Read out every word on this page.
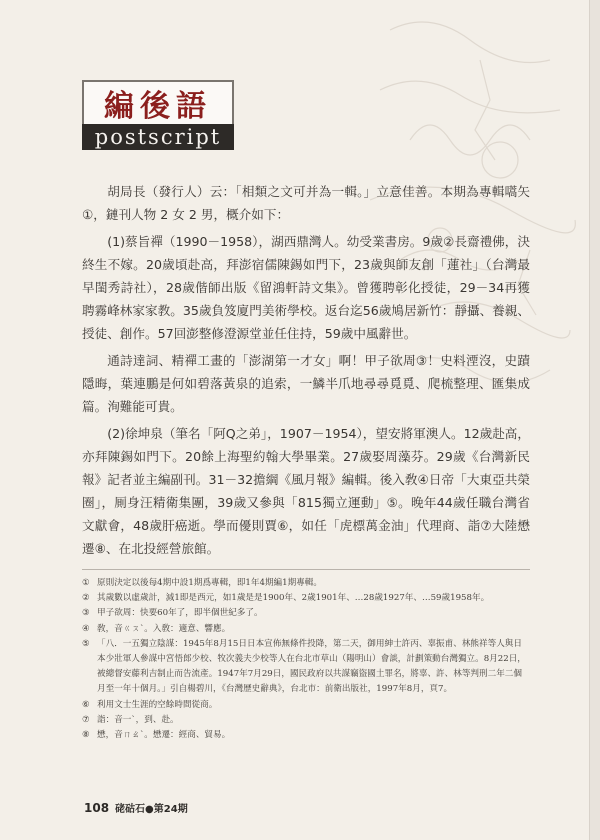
編後語
postscript

胡局長（發行人）云：「相類之文可并為一輯。」立意佳善。本期為專輯嚆矢①，鏈刊人物 2 女 2 男，概介如下：

(1)蔡旨禪（1990－1958），湖西鼎灣人。幼受業書房。9歲②長齋禮佛，決終生不嫁。20歲頃赴高，拜澎宿儒陳錫如門下，23歲與師友創「蓮社」（台灣最早閨秀詩社），28歲偕師出版《留鴻軒詩文集》。曾獲聘彰化授徒，29－34再獲聘霧峰林家家教。35歲負笈廈門美術學校。返台迄56歲鳩居新竹：靜攝、養親、授徒、創作。57回澎整修澄源堂並任住持，59歲中風辭世。

通詩達詞、精禪工畫的「澎湖第一才女」啊！甲子欲周③！史料湮沒，史蹟隱晦，葉連鵬是何如碧落黃泉的追索，一鱗半爪地尋尋覓覓、爬梳整理、匯集成篇。洵難能可貴。

(2)徐坤泉（筆名「阿Q之弟」，1907－1954），望安將軍澳人。12歲赴高，亦拜陳錫如門下。20餘上海聖約翰大學畢業。27歲娶周藻芬。29歲《台灣新民報》記者並主編副刊。31－32擔綱《風月報》編輯。後入敎④日帝「大東亞共榮圈」，厠身汪精衛集團，39歲又參與「815獨立運動」⑤。晚年44歲任職台灣省文獻會，48歲肝癌逝。學而優則賈⑥，如任「虎標萬金油」代理商、詣⑦大陸懋遷⑧、在北投經營旅館。

① 原則決定以後每4期中設1期爲專輯，即1年4期編1期專輯。
② 其歲數以虛歲計，減1即是西元，如1歲是是1900年、2歲1901年、…28歲1927年、…59歲1958年。
③ 甲子欲周：快要60年了，即半個世紀多了。
④ 敎，音ㄍㄡˋ。入敎：適意、響應。
⑤ 「八．一五獨立陰謀：1945年8月15日日本宣佈無條件投降，第二天，御用紳士許丙、辜振甫、林熊祥等人與日本少壯軍人參謀中宮悟郎少校、牧次義夫少校等人在台北市草山（陽明山）會談，計劃策動台灣獨立。8月22日，被總督安藤利吉制止而告流產。1947年7月29日，國民政府以共謀竊盜國土罪名，將辜、許、林等判刑二年二個月至一年十個月。」引自楊碧川，《台灣歷史辭典》，台北市：前衛出版社，1997年8月，頁7。
⑥ 利用文士生涯的空餘時間從商。
⑦ 詣：音一ˋ，到、赴。
⑧ 懋，音ㄇㄠˋ。懋遷：經商、貿易。
108 硓𥑮石●第24期
